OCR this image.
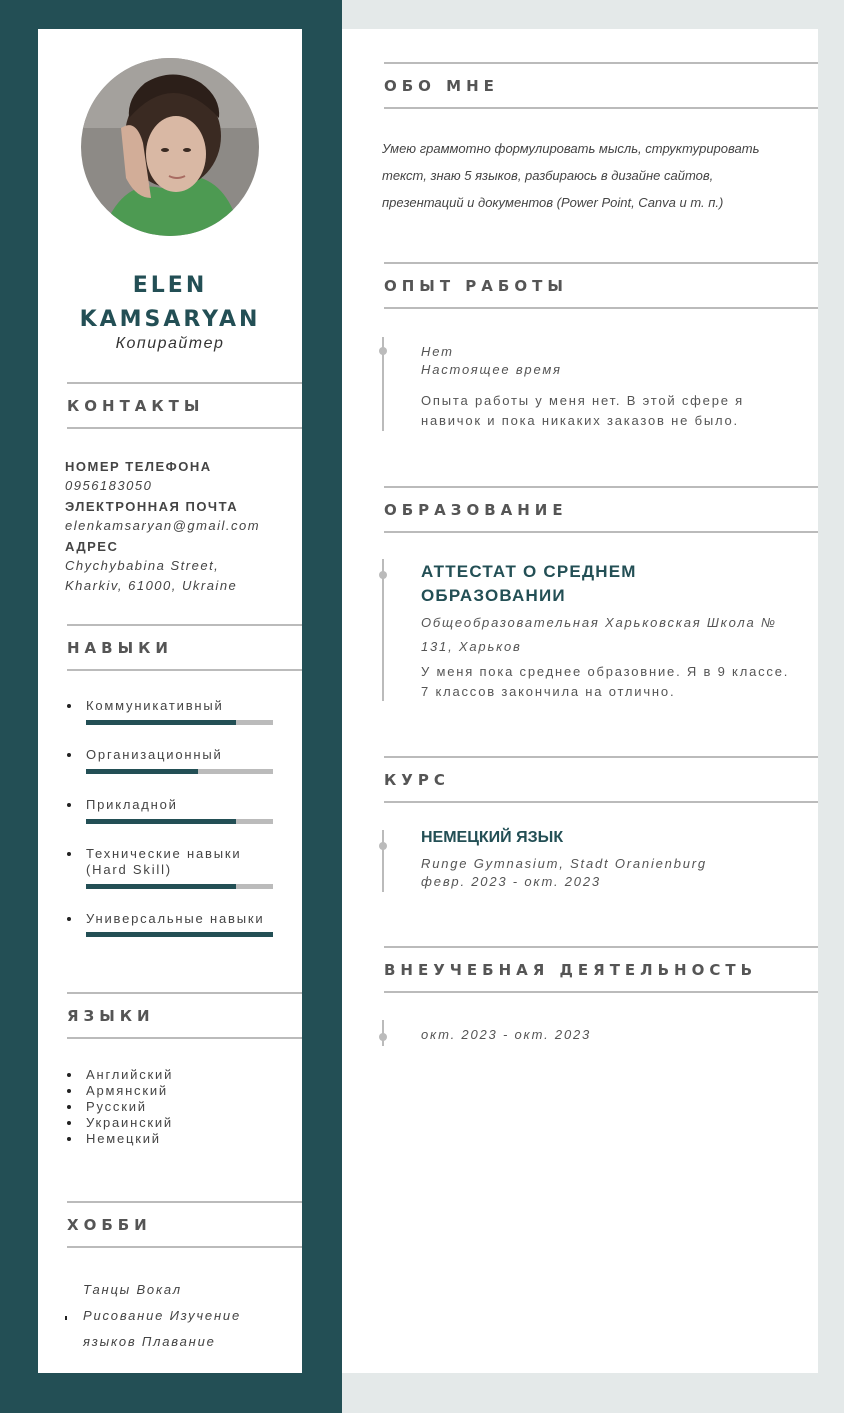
ELEN
KAMSARYAN
Копирайтер
КОНТАКТЫ
НОМЕР ТЕЛЕФОНА
0956183050
ЭЛЕКТРОННАЯ ПОЧТА
elenkamsaryan@gmail.com
АДРЕС
Chychybabina Street,
Kharkiv, 61000, Ukraine
НАВЫКИ
Коммуникативный
Организационный
Прикладной
Технические навыки (Hard Skill)
Универсальные навыки
ЯЗЫКИ
Английский
Армянский
Русский
Украинский
Немецкий
ХОББИ
Танцы Вокал Рисование Изучение языков Плавание
ОБО МНЕ
Умею граммотно формулировать мысль, структурировать текст, знаю 5 языков, разбираюсь в дизайне сайтов, презентаций и документов (Power Point, Canva и т. п.)
ОПЫТ РАБОТЫ
Нет
Настоящее время
Опыта работы у меня нет. В этой сфере я навичок и пока никаких заказов не было.
ОБРАЗОВАНИЕ
АТТЕСТАТ О СРЕДНЕМ ОБРАЗОВАНИИ
Общеобразовательная Харьковская Школа № 131, Харьков
У меня пока среднее образовние. Я в 9 классе. 7 классов закончила на отлично.
КУРС
НЕМЕЦКИЙ ЯЗЫК
Runge Gymnasium, Stadt Oranienburg
февр. 2023 - окт. 2023
ВНЕУЧЕБНАЯ ДЕЯТЕЛЬНОСТЬ
окт. 2023 - окт. 2023
